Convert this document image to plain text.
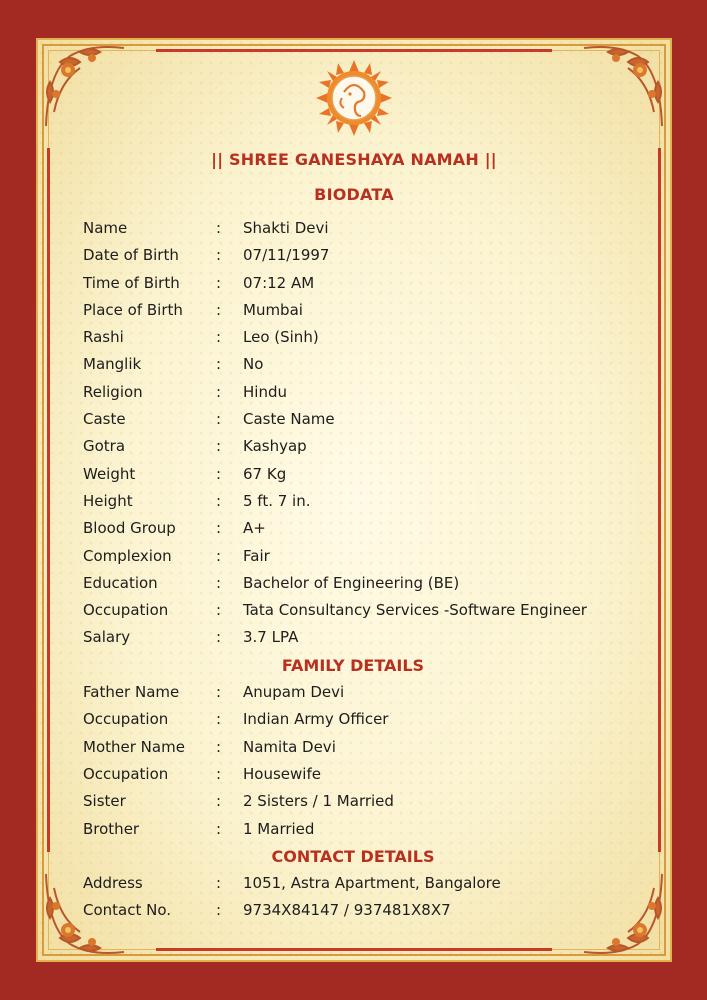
|| SHREE GANESHAYA NAMAH ||
BIODATA
Name	: Shakti Devi
Date of Birth : 07/11/1997
Time of Birth : 07:12 AM
Place of Birth : Mumbai
Rashi	: Leo (Sinh)
Manglik	: No
Religion	: Hindu
Caste	: Caste Name
Gotra	: Kashyap
Weight	: 67 Kg
Height	: 5 ft. 7 in.
Blood Group	: A+
Complexion	: Fair
Education	: Bachelor of Engineering (BE)
Occupation	: Tata Consultancy Services -Software Engineer
Salary	: 3.7 LPA
FAMILY DETAILS
Father Name : Anupam Devi
Occupation	: Indian Army Officer
Mother Name : Namita Devi
Occupation	: Housewife
Sister	: 2 Sisters / 1 Married
Brother	: 1 Married
CONTACT DETAILS
Address	: 1051, Astra Apartment, Bangalore
Contact No.	: 9734X84147 / 937481X8X7
